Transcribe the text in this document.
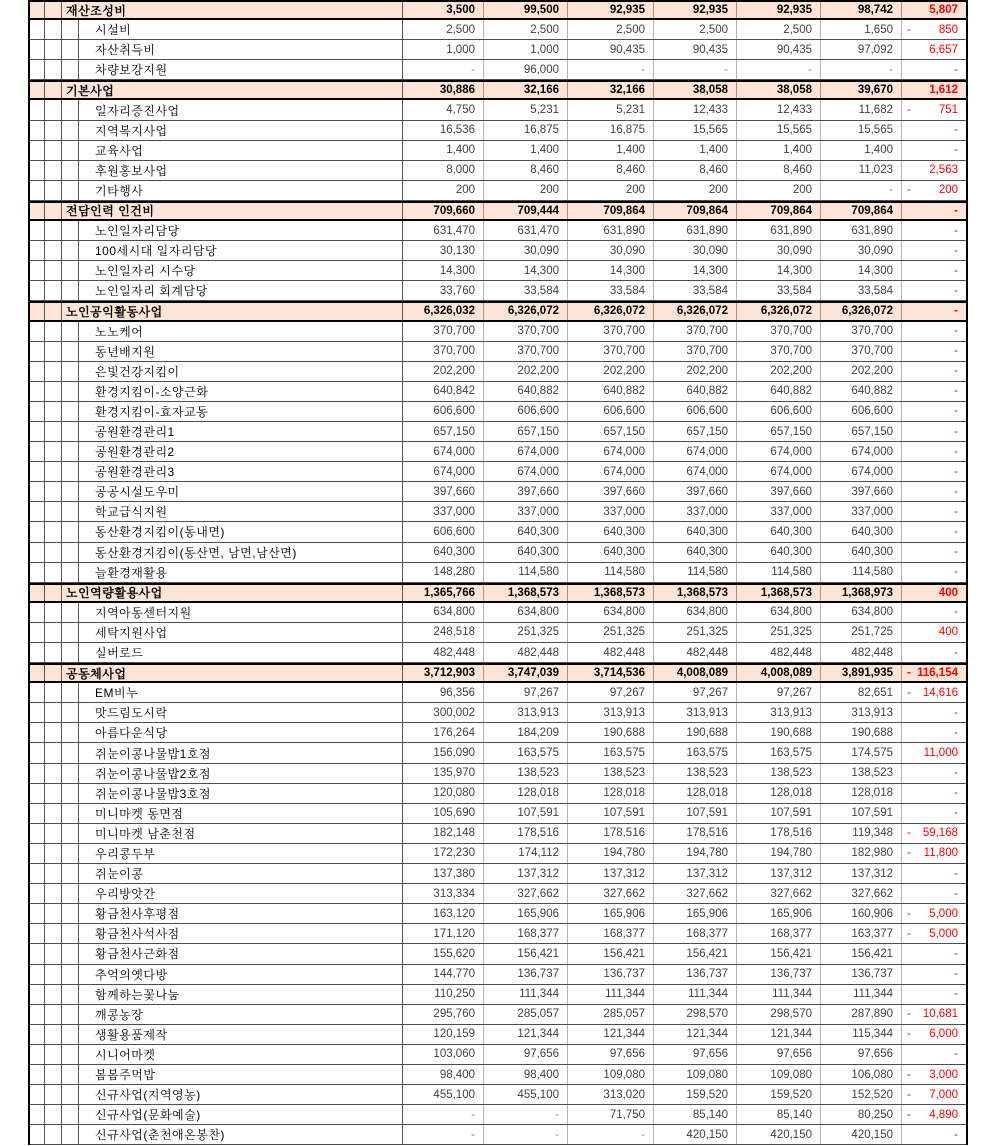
재산조성비	3,500	99,500	92,935	92,935	92,935	98,742	5,807
시설비	2,500	2,500	2,500	2,500	2,500	1,650	- 850
자산취득비	1,000	1,000	90,435	90,435	90,435	97,092	6,657
차량보강지원	-	96,000	-	-	-	-	-
기본사업	30,886	32,166	32,166	38,058	38,058	39,670	1,612
일자리증진사업	4,750	5,231	5,231	12,433	12,433	11,682	- 751
지역복지사업	16,536	16,875	16,875	15,565	15,565	15,565	-
교육사업	1,400	1,400	1,400	1,400	1,400	1,400	-
후원홍보사업	8,000	8,460	8,460	8,460	8,460	11,023	2,563
기타행사	200	200	200	200	200	-	- 200
전담인력 인건비	709,660	709,444	709,864	709,864	709,864	709,864	-
노인일자리담당	631,470	631,470	631,890	631,890	631,890	631,890	-
100세시대 일자리담당	30,130	30,090	30,090	30,090	30,090	30,090	-
노인일자리 시수당	14,300	14,300	14,300	14,300	14,300	14,300	-
노인일자리 회계담당	33,760	33,584	33,584	33,584	33,584	33,584	-
노인공익활동사업	6,326,032	6,326,072	6,326,072	6,326,072	6,326,072	6,326,072	-
노노케어	370,700	370,700	370,700	370,700	370,700	370,700	-
동년배지원	370,700	370,700	370,700	370,700	370,700	370,700	-
은빛건강지킴이	202,200	202,200	202,200	202,200	202,200	202,200	-
환경지킴이-소양근화	640,842	640,882	640,882	640,882	640,882	640,882	-
환경지킴이-효자교동	606,600	606,600	606,600	606,600	606,600	606,600	-
공원환경관리1	657,150	657,150	657,150	657,150	657,150	657,150	-
공원환경관리2	674,000	674,000	674,000	674,000	674,000	674,000	-
공원환경관리3	674,000	674,000	674,000	674,000	674,000	674,000	-
공공시설도우미	397,660	397,660	397,660	397,660	397,660	397,660	-
학교급식지원	337,000	337,000	337,000	337,000	337,000	337,000	-
동산환경지킴이(동내면)	606,600	640,300	640,300	640,300	640,300	640,300	-
동산환경지킴이(동산면, 남면,남산면)	640,300	640,300	640,300	640,300	640,300	640,300	-
늘환경재활용	148,280	114,580	114,580	114,580	114,580	114,580	-
노인역량활용사업	1,365,766	1,368,573	1,368,573	1,368,573	1,368,573	1,368,973	400
지역아동센터지원	634,800	634,800	634,800	634,800	634,800	634,800	-
세탁지원사업	248,518	251,325	251,325	251,325	251,325	251,725	400
실버로드	482,448	482,448	482,448	482,448	482,448	482,448	-
공동체사업	3,712,903	3,747,039	3,714,536	4,008,089	4,008,089	3,891,935	- 116,154
EM비누	96,356	97,267	97,267	97,267	97,267	82,651	- 14,616
맛드림도시락	300,002	313,913	313,913	313,913	313,913	313,913	-
아름다운식당	176,264	184,209	190,688	190,688	190,688	190,688	-
쥐눈이콩나물밥1호점	156,090	163,575	163,575	163,575	163,575	174,575	11,000
쥐눈이콩나물밥2호점	135,970	138,523	138,523	138,523	138,523	138,523	-
쥐눈이콩나물밥3호점	120,080	128,018	128,018	128,018	128,018	128,018	-
미니마켓 동면점	105,690	107,591	107,591	107,591	107,591	107,591	-
미니마켓 남춘천점	182,148	178,516	178,516	178,516	178,516	119,348	- 59,168
우리콩두부	172,230	174,112	194,780	194,780	194,780	182,980	- 11,800
쥐눈이콩	137,380	137,312	137,312	137,312	137,312	137,312	-
우리방앗간	313,334	327,662	327,662	327,662	327,662	327,662	-
황금천사후평점	163,120	165,906	165,906	165,906	165,906	160,906	- 5,000
황금천사석사점	171,120	168,377	168,377	168,377	168,377	163,377	- 5,000
황금천사근화점	155,620	156,421	156,421	156,421	156,421	156,421	-
추억의옛다방	144,770	136,737	136,737	136,737	136,737	136,737	-
함께하는꽃나눔	110,250	111,344	111,344	111,344	111,344	111,344	-
깨콩농장	295,760	285,057	285,057	298,570	298,570	287,890	- 10,681
생활용품제작	120,159	121,344	121,344	121,344	121,344	115,344	- 6,000
시니어마켓	103,060	97,656	97,656	97,656	97,656	97,656	-
봄봄주먹밥	98,400	98,400	109,080	109,080	109,080	106,080	- 3,000
신규사업(지역영농)	455,100	455,100	313,020	159,520	159,520	152,520	- 7,000
신규사업(문화예술)	-	-	71,750	85,140	85,140	80,250	- 4,890
신규사업(춘천애온봉찬)	-	-	-	420,150	420,150	420,150	-
